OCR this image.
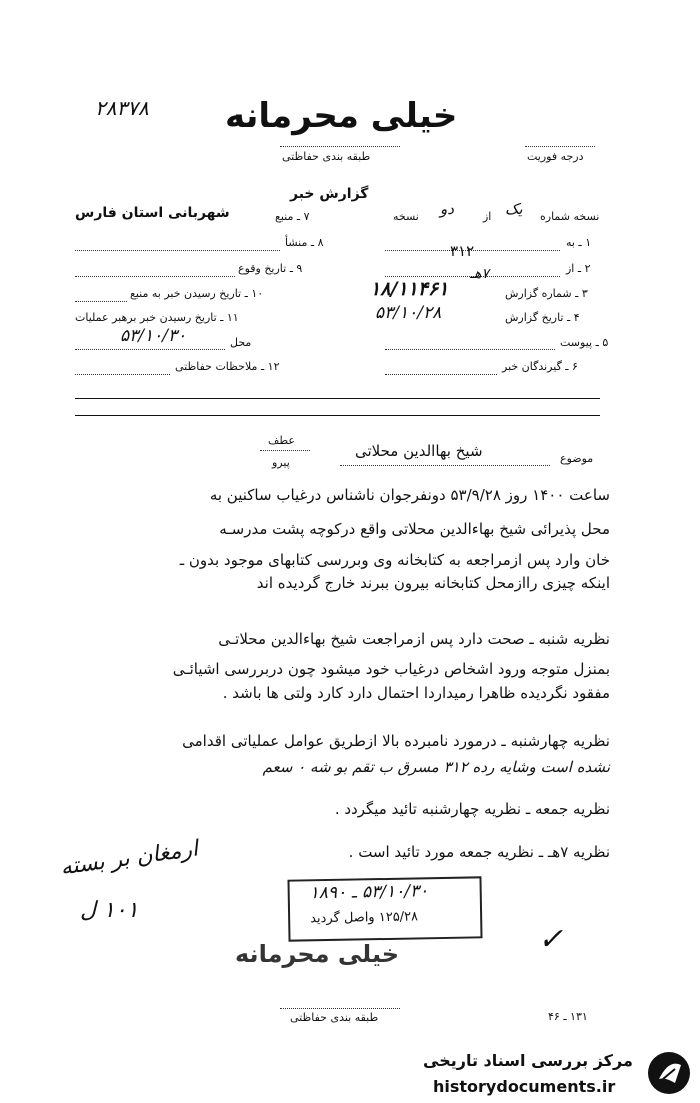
۲۸۳۷۸ خیلی محرمانه
طبقه بندی حفاظتی	درجه فوریت
گزارش خبر
نسخه شماره
یک
از
دو
نسخه
۷ ـ منبع
شهربانی استان فارس
۸ ـ منشأ
۹ ـ تاریخ وقوع
۱۰ ـ تاریخ رسیدن خبر به منبع
۱۱ ـ تاریخ رسیدن خبر برهبر عملیات
محل
۵۳/۱۰/۳۰
۱۲ ـ ملاحظات حفاظتی
۱ ـ به
۲ ـ از
۳۱۲
۳ ـ شماره گزارش
۷هـ
۱۸/۱۱۴۶۱
۴ ـ تاریخ گزارش
۵۳/۱۰/۲۸
۵ ـ پیوست
۶ ـ گیرندگان خبر
موضوع
شیخ بهاالدین محلاتی
عطف
پیرو
ساعت ۱۴۰۰ روز ۵۳/۹/۲۸ دونفرجوان ناشناس درغیاب ساکنین به
محل پذیرائی شیخ بهاءالدین محلاتی واقع درکوچه پشت مدرسـه
خان وارد پس ازمراجعه به کتابخانه وی وبررسی کتابهای موجود بدون ـ
اینکه چیزی راازمحل کتابخانه بیرون ببرند خارج گردیده اند
نظریه شنبه ـ صحت دارد پس ازمراجعت شیخ بهاءالدین محلاتـی
بمنزل متوجه ورود اشخاص درغیاب خود میشود چون دربررسی اشیائـی
مفقود نگردیده ظاهرا رمیداردا احتمال دارد کارد ولتی ها باشد .
نظریه چهارشنبه ـ درمورد نامبرده بالا ازطریق عوامل عملیاتی اقدامی
نشده است وشایه رده ۳۱۲ مسرق ب تقم بو شه ۰ سعم
نظریه جمعه ـ نظریه چهارشنبه تائید میگردد .
نظریه ۷هـ ـ نظریه جمعه مورد تائید است .
ارمغان بر بسته
۱۰۱ ل
۵۳/۱۰/۳۰ ـ ۱۸۹۰
۱۲۵/۲۸ واصل گردید
خیلی محرمانه	✓
۱۳۱ ـ ۴۶
طبقه بندی حفاظتی
مرکز بررسی اسناد تاریخی
historydocuments.ir
